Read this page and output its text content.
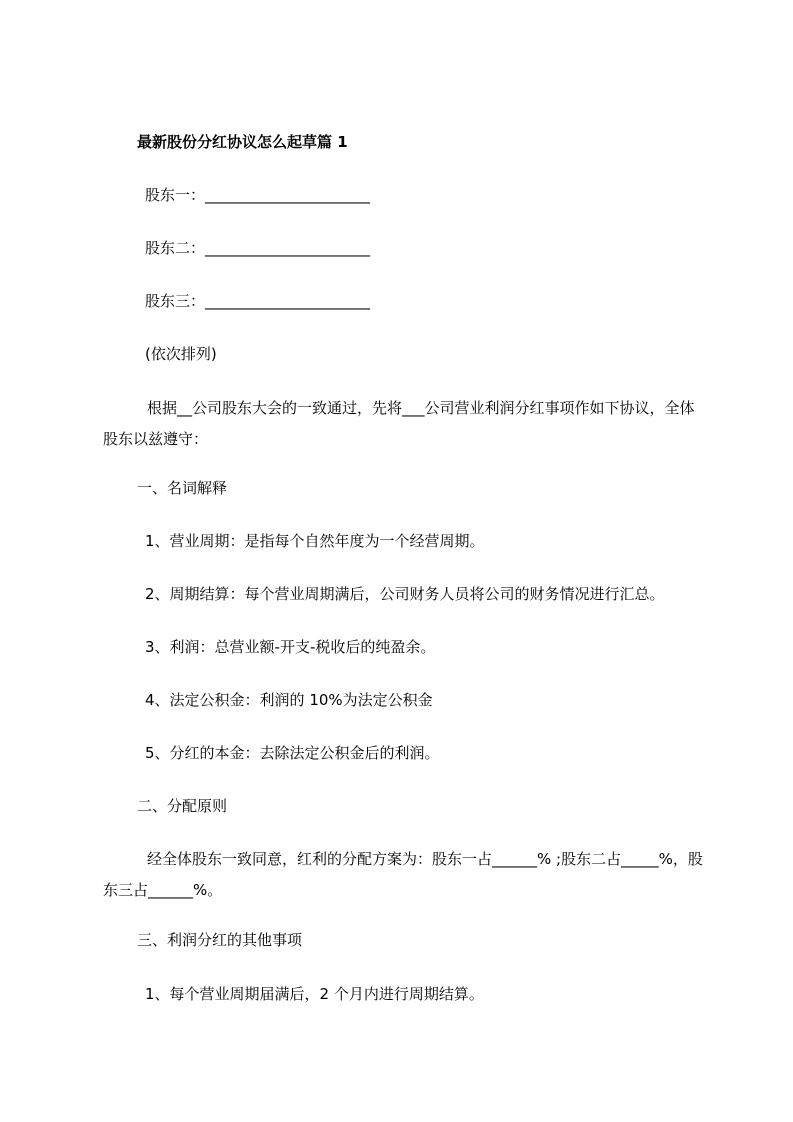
最新股份分红协议怎么起草篇 1
股东一：______________________
股东二：______________________
股东三：______________________
(依次排列)
根据__公司股东大会的一致通过，先将___公司营业利润分红事项作如下协议，全体股东以兹遵守：
一、名词解释
1、营业周期：是指每个自然年度为一个经营周期。
2、周期结算：每个营业周期满后，公司财务人员将公司的财务情况进行汇总。
3、利润：总营业额-开支-税收后的纯盈余。
4、法定公积金：利润的 10%为法定公积金
5、分红的本金：去除法定公积金后的利润。
二、分配原则
经全体股东一致同意，红利的分配方案为：股东一占______% ;股东二占_____%，股东三占______%。
三、利润分红的其他事项
1、每个营业周期届满后，2 个月内进行周期结算。
